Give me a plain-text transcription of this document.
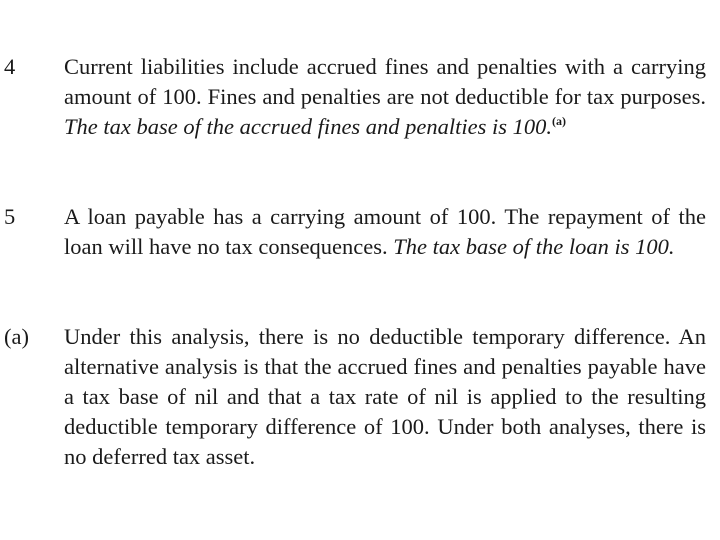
4 Current liabilities include accrued fines and penalties with a carrying amount of 100. Fines and penalties are not deductible for tax purposes. The tax base of the accrued fines and penalties is 100.$^{(a)}$
5 A loan payable has a carrying amount of 100. The repayment of the loan will have no tax consequences. The tax base of the loan is 100.
(a) Under this analysis, there is no deductible temporary difference. An alternative analysis is that the accrued fines and penalties payable have a tax base of nil and that a tax rate of nil is applied to the resulting deductible temporary difference of 100. Under both analyses, there is no deferred tax asset.
